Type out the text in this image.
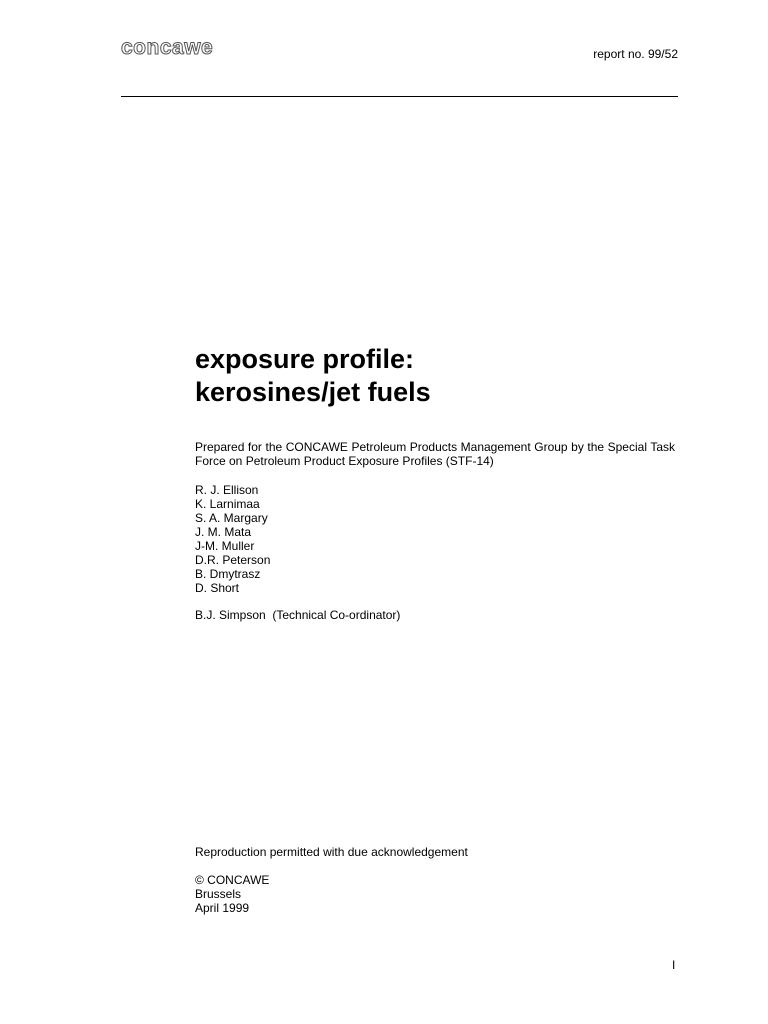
concawe	report no. 99/52
exposure profile:
kerosines/jet fuels

Prepared for the CONCAWE Petroleum Products Management Group by the Special Task Force on Petroleum Product Exposure Profiles (STF-14)

R. J. Ellison
K. Larnimaa
S. A. Margary
J. M. Mata
J-M. Muller
D.R. Peterson
B. Dmytrasz
D. Short
B.J. Simpson  (Technical Co-ordinator)
Reproduction permitted with due acknowledgement
© CONCAWE
Brussels
April 1999
I
